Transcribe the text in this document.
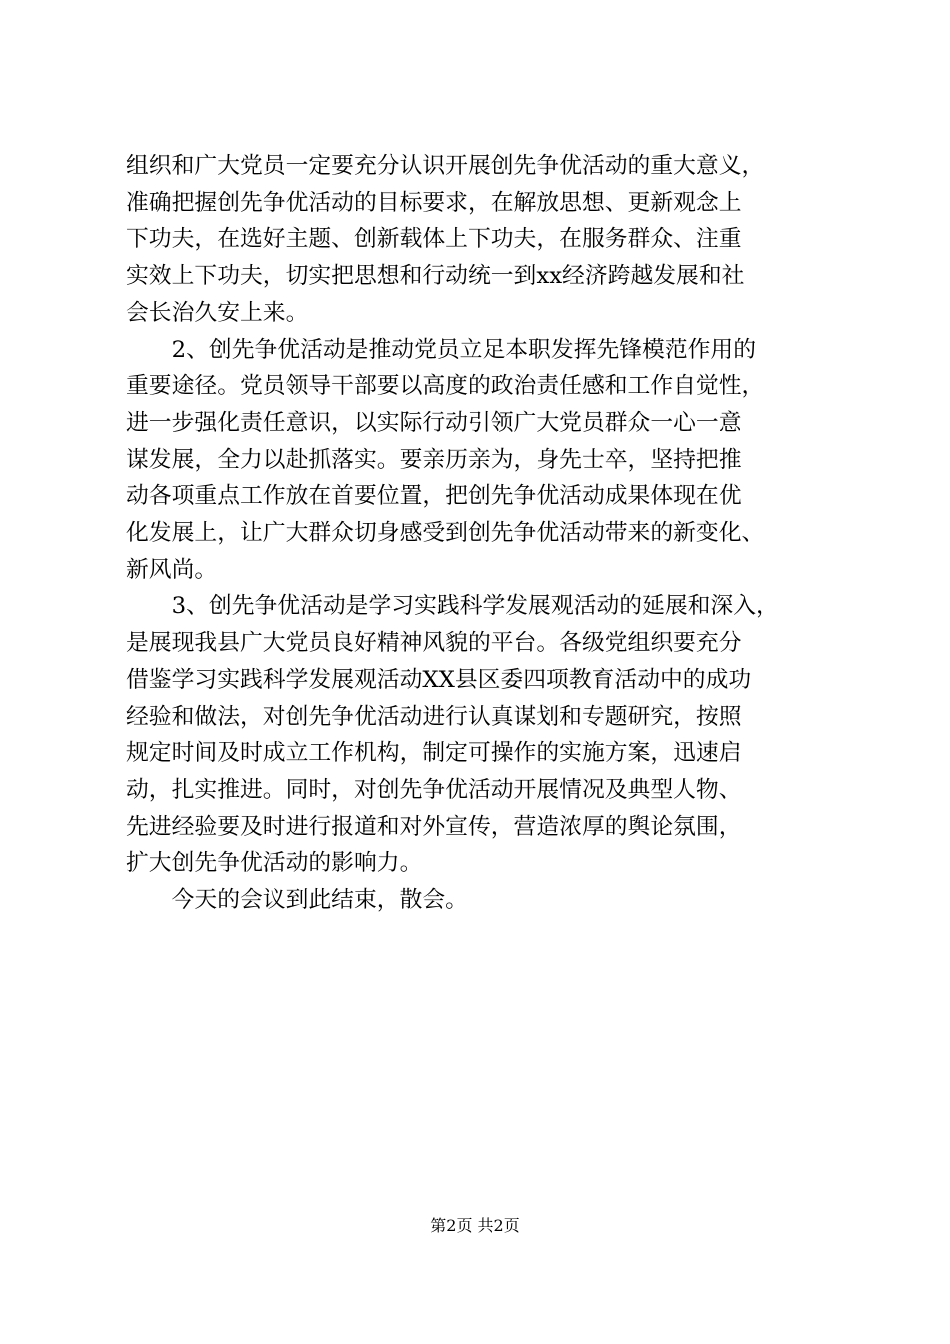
组织和广大党员一定要充分认识开展创先争优活动的重大意义，
准确把握创先争优活动的目标要求，在解放思想、更新观念上
下功夫，在选好主题、创新载体上下功夫，在服务群众、注重
实效上下功夫，切实把思想和行动统一到xx经济跨越发展和社
会长治久安上来。

2、创先争优活动是推动党员立足本职发挥先锋模范作用的
重要途径。党员领导干部要以高度的政治责任感和工作自觉性，
进一步强化责任意识，以实际行动引领广大党员群众一心一意
谋发展，全力以赴抓落实。要亲历亲为，身先士卒，坚持把推
动各项重点工作放在首要位置，把创先争优活动成果体现在优
化发展上，让广大群众切身感受到创先争优活动带来的新变化、
新风尚。

3、创先争优活动是学习实践科学发展观活动的延展和深入，
是展现我县广大党员良好精神风貌的平台。各级党组织要充分
借鉴学习实践科学发展观活动XX县区委四项教育活动中的成功
经验和做法，对创先争优活动进行认真谋划和专题研究，按照
规定时间及时成立工作机构，制定可操作的实施方案，迅速启
动，扎实推进。同时，对创先争优活动开展情况及典型人物、
先进经验要及时进行报道和对外宣传，营造浓厚的舆论氛围，
扩大创先争优活动的影响力。

今天的会议到此结束，散会。

第2页 共2页
